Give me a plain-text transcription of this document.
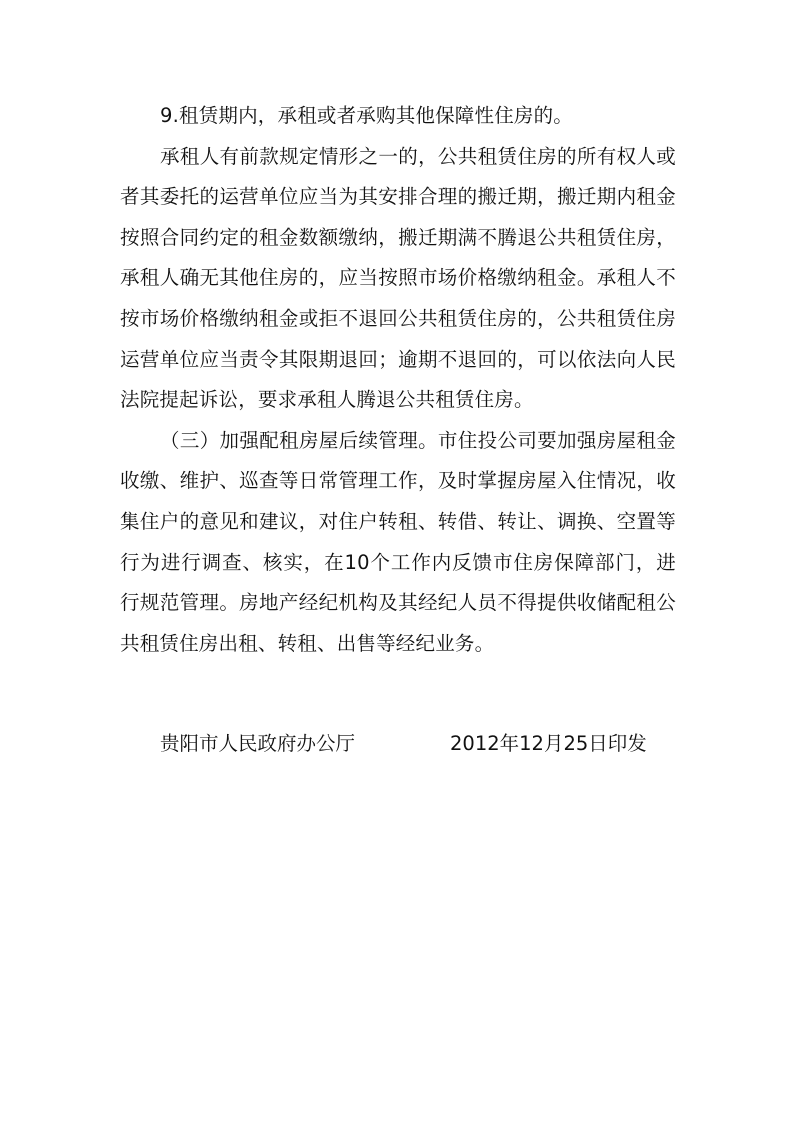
9.租赁期内，承租或者承购其他保障性住房的。

承租人有前款规定情形之一的，公共租赁住房的所有权人或者其委托的运营单位应当为其安排合理的搬迁期，搬迁期内租金按照合同约定的租金数额缴纳，搬迁期满不腾退公共租赁住房，承租人确无其他住房的，应当按照市场价格缴纳租金。承租人不按市场价格缴纳租金或拒不退回公共租赁住房的，公共租赁住房运营单位应当责令其限期退回；逾期不退回的，可以依法向人民法院提起诉讼，要求承租人腾退公共租赁住房。

（三）加强配租房屋后续管理。市住投公司要加强房屋租金收缴、维护、巡查等日常管理工作，及时掌握房屋入住情况，收集住户的意见和建议，对住户转租、转借、转让、调换、空置等行为进行调查、核实，在10个工作内反馈市住房保障部门，进行规范管理。房地产经纪机构及其经纪人员不得提供收储配租公共租赁住房出租、转租、出售等经纪业务。

贵阳市人民政府办公厅	2012年12月25日印发
